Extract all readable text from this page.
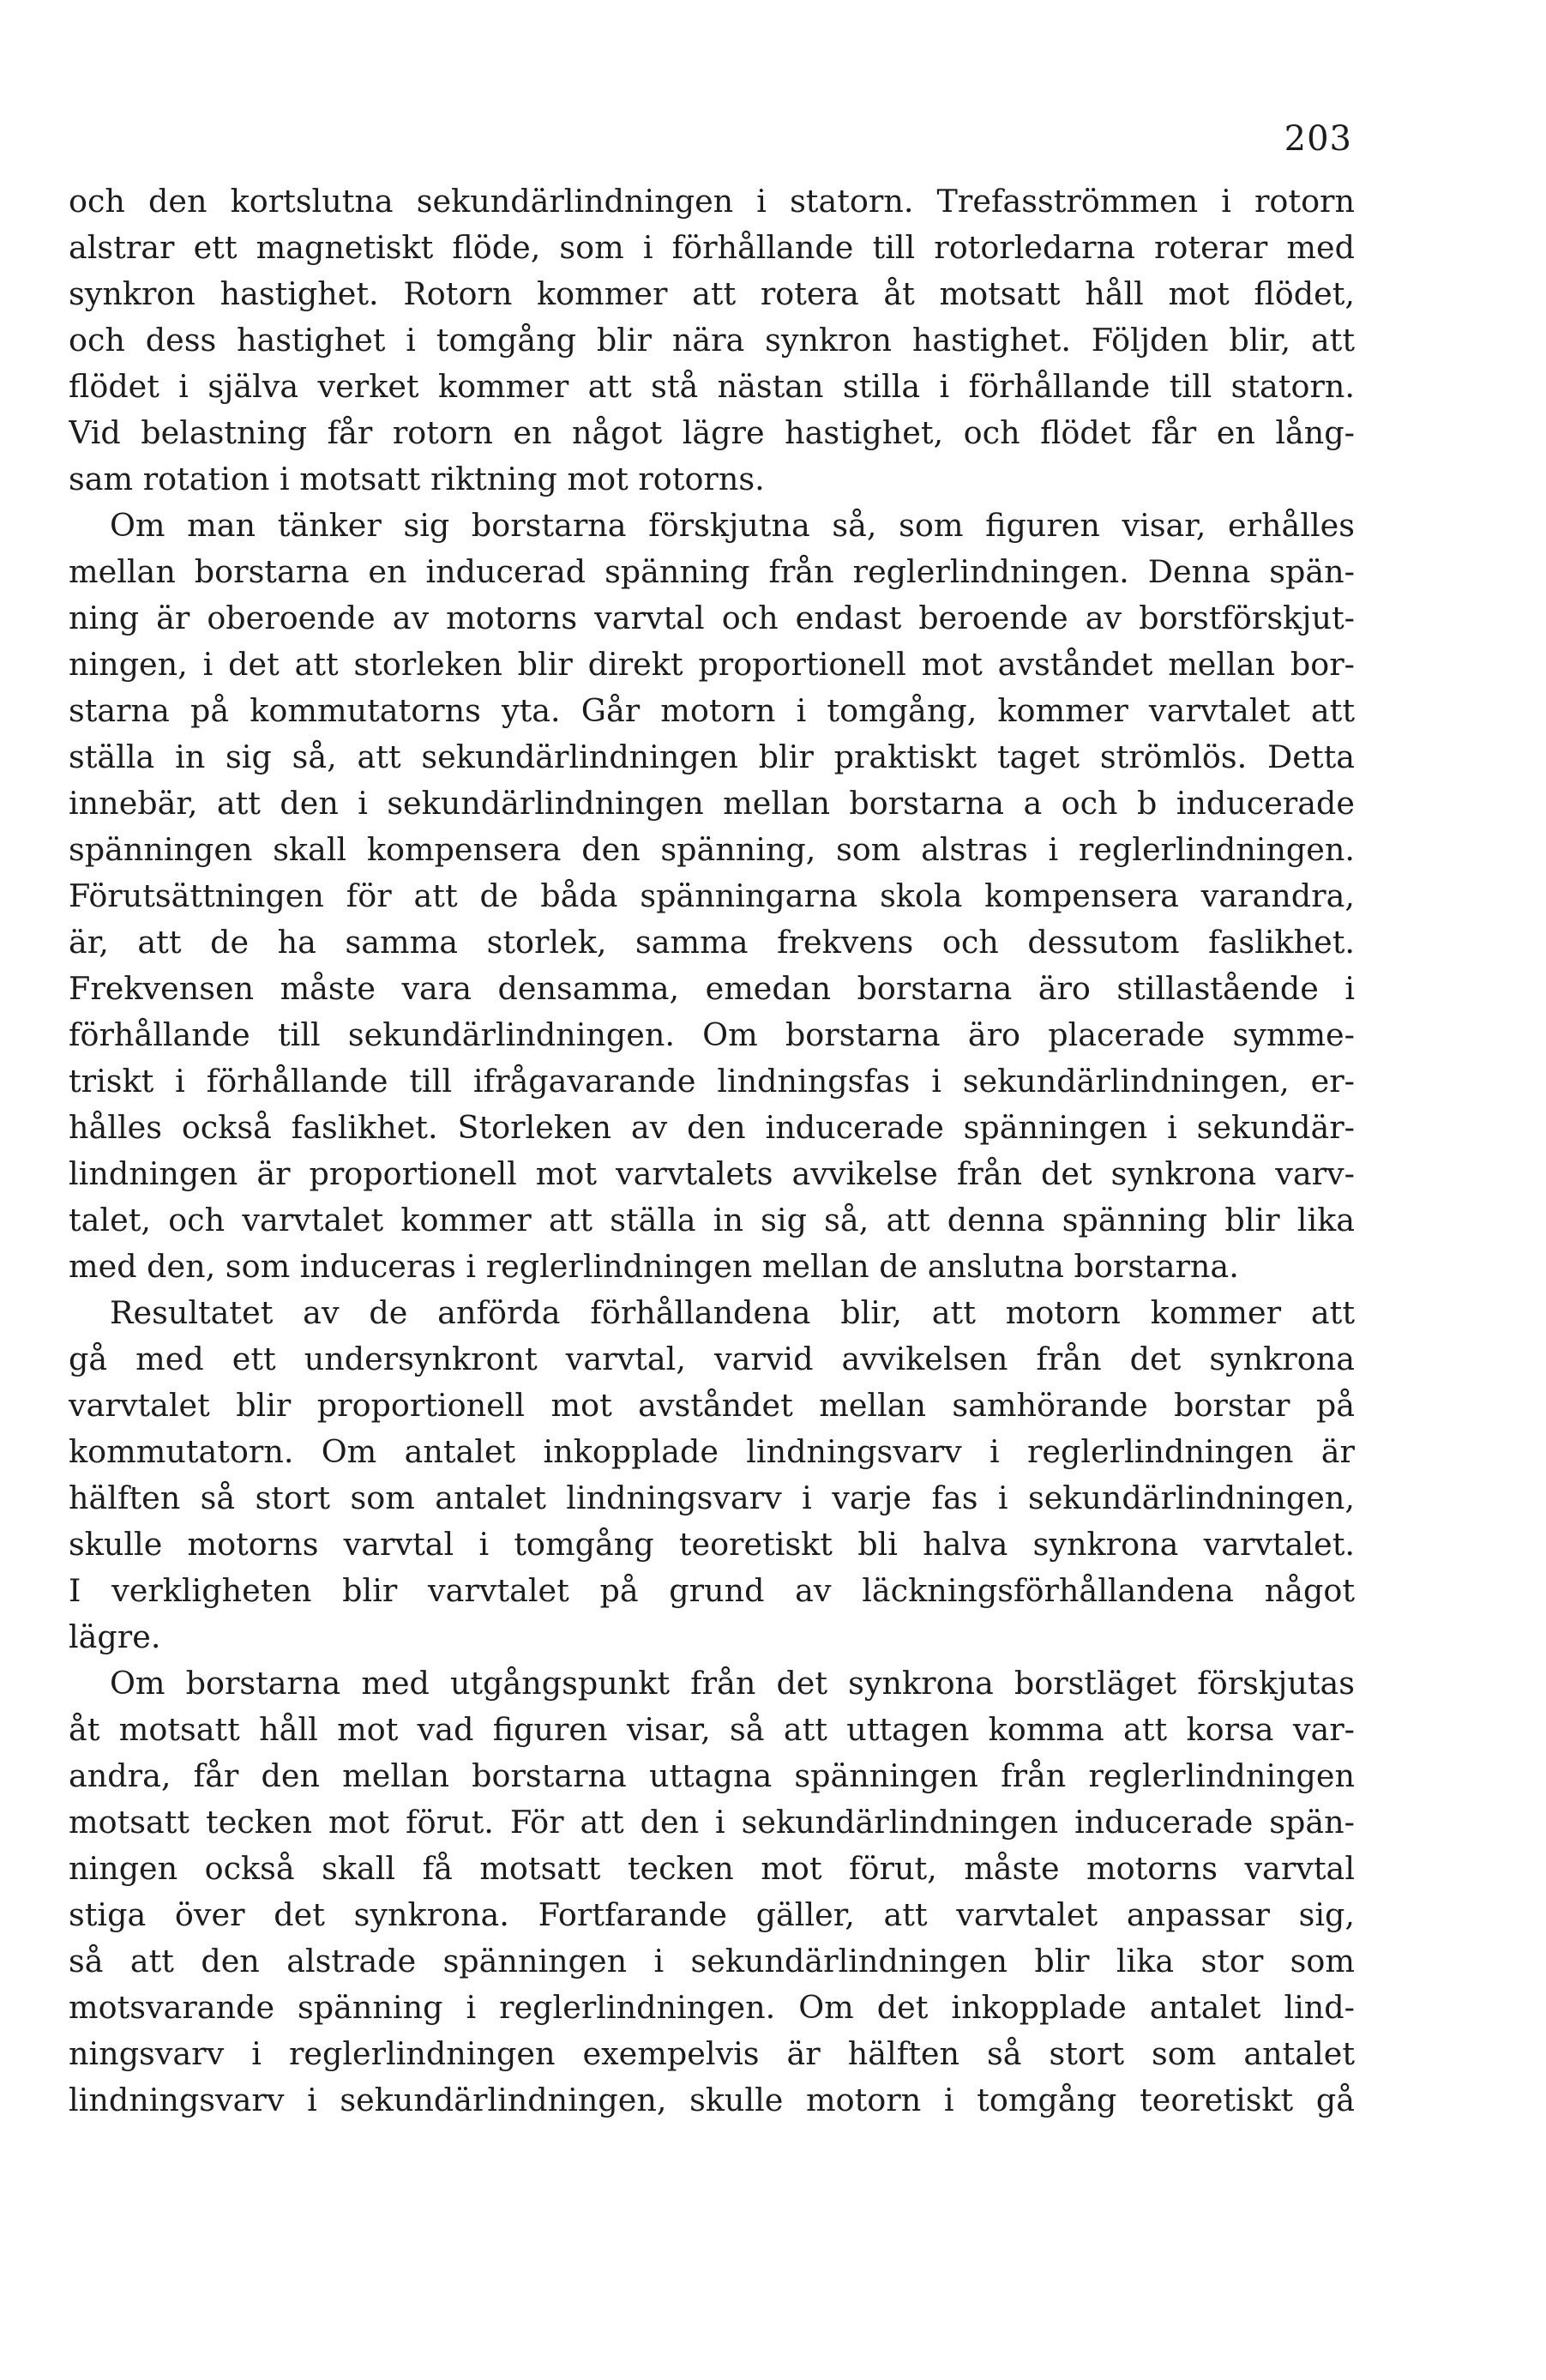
203
och den kortslutna sekundärlindningen i statorn. Trefasströmmen i rotorn
alstrar ett magnetiskt flöde, som i förhållande till rotorledarna roterar med
synkron hastighet. Rotorn kommer att rotera åt motsatt håll mot flödet,
och dess hastighet i tomgång blir nära synkron hastighet. Följden blir, att
flödet i själva verket kommer att stå nästan stilla i förhållande till statorn.
Vid belastning får rotorn en något lägre hastighet, och flödet får en lång-
sam rotation i motsatt riktning mot rotorns.
Om man tänker sig borstarna förskjutna så, som figuren visar, erhålles
mellan borstarna en inducerad spänning från reglerlindningen. Denna spän-
ning är oberoende av motorns varvtal och endast beroende av borstförskjut-
ningen, i det att storleken blir direkt proportionell mot avståndet mellan bor-
starna på kommutatorns yta. Går motorn i tomgång, kommer varvtalet att
ställa in sig så, att sekundärlindningen blir praktiskt taget strömlös. Detta
innebär, att den i sekundärlindningen mellan borstarna a och b inducerade
spänningen skall kompensera den spänning, som alstras i reglerlindningen.
Förutsättningen för att de båda spänningarna skola kompensera varandra,
är, att de ha samma storlek, samma frekvens och dessutom faslikhet.
Frekvensen måste vara densamma, emedan borstarna äro stillastående i
förhållande till sekundärlindningen. Om borstarna äro placerade symme-
triskt i förhållande till ifrågavarande lindningsfas i sekundärlindningen, er-
hålles också faslikhet. Storleken av den inducerade spänningen i sekundär-
lindningen är proportionell mot varvtalets avvikelse från det synkrona varv-
talet, och varvtalet kommer att ställa in sig så, att denna spänning blir lika
med den, som induceras i reglerlindningen mellan de anslutna borstarna.
Resultatet av de anförda förhållandena blir, att motorn kommer att
gå med ett undersynkront varvtal, varvid avvikelsen från det synkrona
varvtalet blir proportionell mot avståndet mellan samhörande borstar på
kommutatorn. Om antalet inkopplade lindningsvarv i reglerlindningen är
hälften så stort som antalet lindningsvarv i varje fas i sekundärlindningen,
skulle motorns varvtal i tomgång teoretiskt bli halva synkrona varvtalet.
I verkligheten blir varvtalet på grund av läckningsförhållandena något
lägre.
Om borstarna med utgångspunkt från det synkrona borstläget förskjutas
åt motsatt håll mot vad figuren visar, så att uttagen komma att korsa var-
andra, får den mellan borstarna uttagna spänningen från reglerlindningen
motsatt tecken mot förut. För att den i sekundärlindningen inducerade spän-
ningen också skall få motsatt tecken mot förut, måste motorns varvtal
stiga över det synkrona. Fortfarande gäller, att varvtalet anpassar sig,
så att den alstrade spänningen i sekundärlindningen blir lika stor som
motsvarande spänning i reglerlindningen. Om det inkopplade antalet lind-
ningsvarv i reglerlindningen exempelvis är hälften så stort som antalet
lindningsvarv i sekundärlindningen, skulle motorn i tomgång teoretiskt gå
